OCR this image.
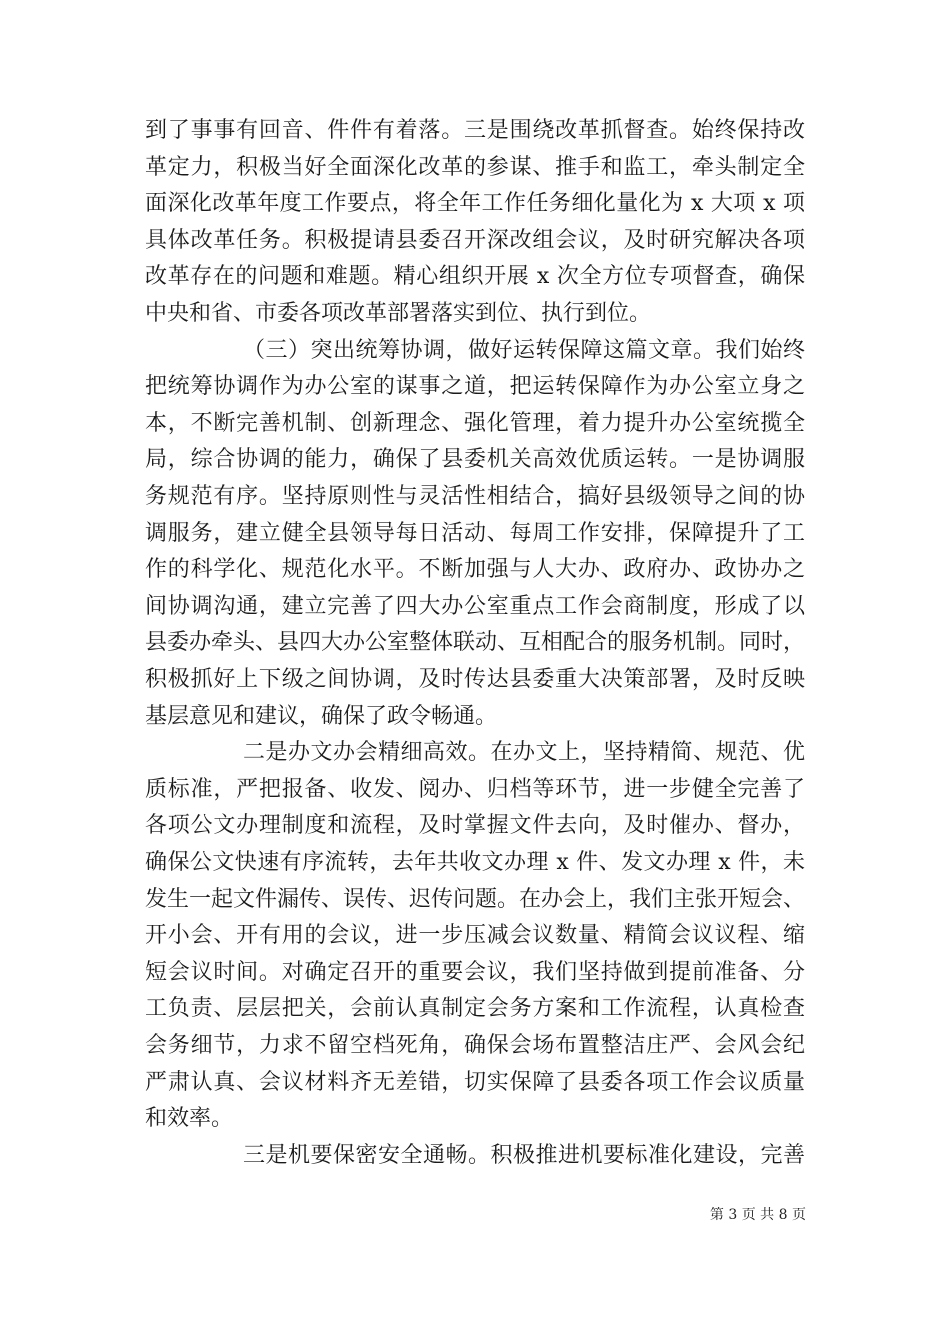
到了事事有回音、件件有着落。三是围绕改革抓督查。始终保持改
革定力，积极当好全面深化改革的参谋、推手和监工，牵头制定全
面深化改革年度工作要点，将全年工作任务细化量化为 x 大项 x 项
具体改革任务。积极提请县委召开深改组会议，及时研究解决各项
改革存在的问题和难题。精心组织开展 x 次全方位专项督查，确保
中央和省、市委各项改革部署落实到位、执行到位。
（三）突出统筹协调，做好运转保障这篇文章。我们始终
把统筹协调作为办公室的谋事之道，把运转保障作为办公室立身之
本，不断完善机制、创新理念、强化管理，着力提升办公室统揽全
局，综合协调的能力，确保了县委机关高效优质运转。一是协调服
务规范有序。坚持原则性与灵活性相结合，搞好县级领导之间的协
调服务，建立健全县领导每日活动、每周工作安排，保障提升了工
作的科学化、规范化水平。不断加强与人大办、政府办、政协办之
间协调沟通，建立完善了四大办公室重点工作会商制度，形成了以
县委办牵头、县四大办公室整体联动、互相配合的服务机制。同时，
积极抓好上下级之间协调，及时传达县委重大决策部署，及时反映
基层意见和建议，确保了政令畅通。
二是办文办会精细高效。在办文上，坚持精简、规范、优
质标准，严把报备、收发、阅办、归档等环节，进一步健全完善了
各项公文办理制度和流程，及时掌握文件去向，及时催办、督办，
确保公文快速有序流转，去年共收文办理 x 件、发文办理 x 件，未
发生一起文件漏传、误传、迟传问题。在办会上，我们主张开短会、
开小会、开有用的会议，进一步压减会议数量、精简会议议程、缩
短会议时间。对确定召开的重要会议，我们坚持做到提前准备、分
工负责、层层把关，会前认真制定会务方案和工作流程，认真检查
会务细节，力求不留空档死角，确保会场布置整洁庄严、会风会纪
严肃认真、会议材料齐无差错，切实保障了县委各项工作会议质量
和效率。
三是机要保密安全通畅。积极推进机要标准化建设，完善
第 3 页 共 8 页
